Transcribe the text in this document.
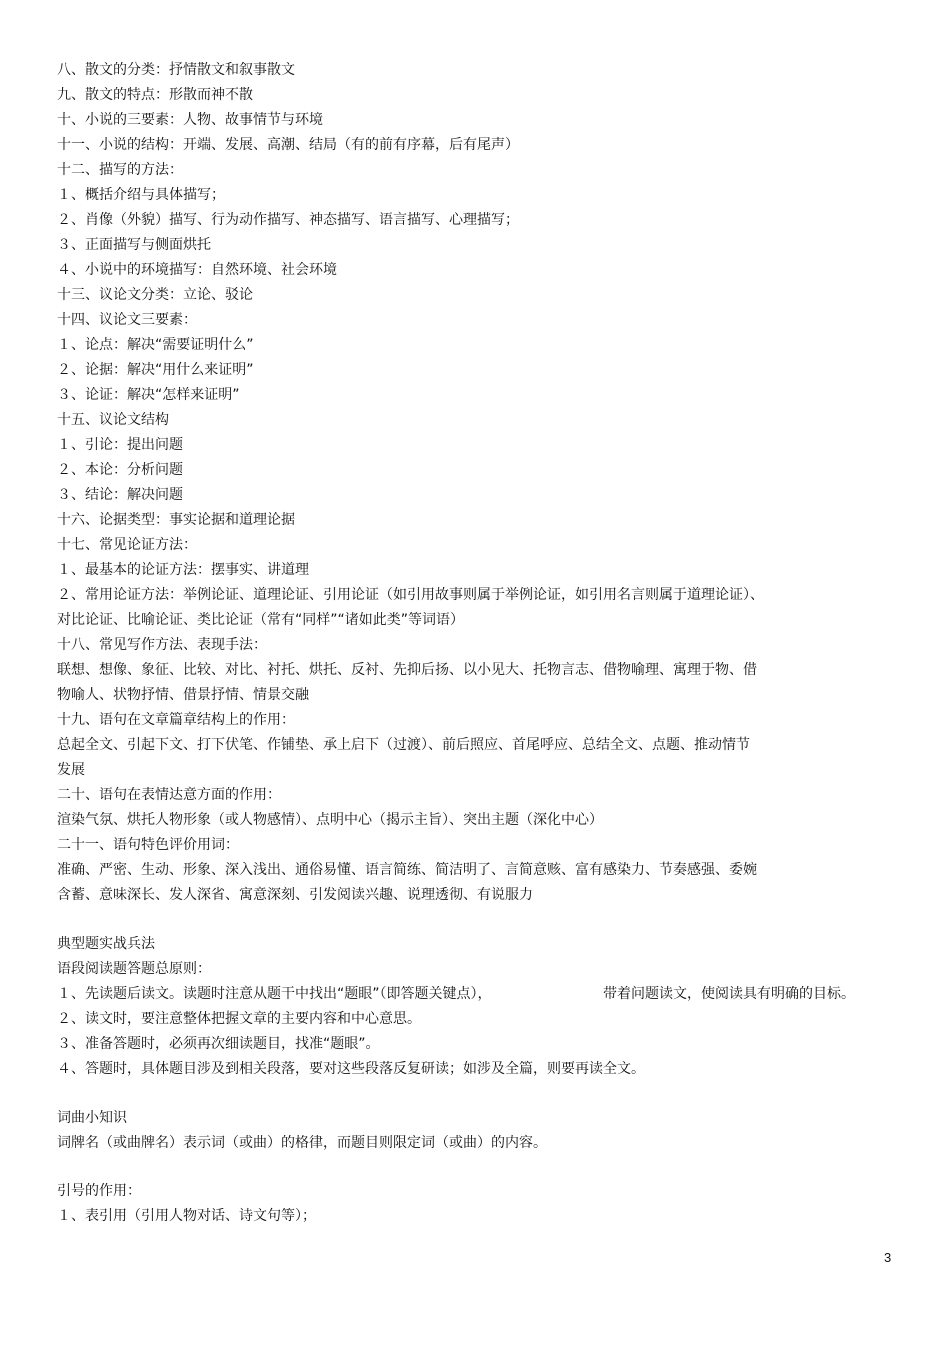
八、散文的分类：抒情散文和叙事散文
九、散文的特点：形散而神不散
十、小说的三要素：人物、故事情节与环境
十一、小说的结构：开端、发展、高潮、结局（有的前有序幕，后有尾声）
十二、描写的方法：
１、概括介绍与具体描写；
２、肖像（外貌）描写、行为动作描写、神态描写、语言描写、心理描写；
３、正面描写与侧面烘托
４、小说中的环境描写：自然环境、社会环境
十三、议论文分类：立论、驳论
十四、议论文三要素：
１、论点：解决“需要证明什么”
２、论据：解决“用什么来证明”
３、论证：解决“怎样来证明”
十五、议论文结构
１、引论：提出问题
２、本论：分析问题
３、结论：解决问题
十六、论据类型：事实论据和道理论据
十七、常见论证方法：
１、最基本的论证方法：摆事实、讲道理
２、常用论证方法：举例论证、道理论证、引用论证（如引用故事则属于举例论证，如引用名言则属于道理论证）、
对比论证、比喻论证、类比论证（常有“同样”“诸如此类”等词语）
十八、常见写作方法、表现手法：
联想、想像、象征、比较、对比、衬托、烘托、反衬、先抑后扬、以小见大、托物言志、借物喻理、寓理于物、借
物喻人、状物抒情、借景抒情、情景交融
十九、语句在文章篇章结构上的作用：
总起全文、引起下文、打下伏笔、作铺垫、承上启下（过渡）、前后照应、首尾呼应、总结全文、点题、推动情节
发展
二十、语句在表情达意方面的作用：
渲染气氛、烘托人物形象（或人物感情）、点明中心（揭示主旨）、突出主题（深化中心）
二十一、语句特色评价用词：
准确、严密、生动、形象、深入浅出、通俗易懂、语言简练、简洁明了、言简意赅、富有感染力、节奏感强、委婉
含蓄、意味深长、发人深省、寓意深刻、引发阅读兴趣、说理透彻、有说服力
典型题实战兵法
语段阅读题答题总原则：
１、先读题后读文。读题时注意从题干中找出“题眼”（即答题关键点），	带着问题读文，使阅读具有明确的目标。
２、读文时，要注意整体把握文章的主要内容和中心意思。
３、准备答题时，必须再次细读题目，找准“题眼”。
４、答题时，具体题目涉及到相关段落，要对这些段落反复研读；如涉及全篇，则要再读全文。
词曲小知识
词牌名（或曲牌名）表示词（或曲）的格律，而题目则限定词（或曲）的内容。
引号的作用：
１、表引用（引用人物对话、诗文句等）；
3
